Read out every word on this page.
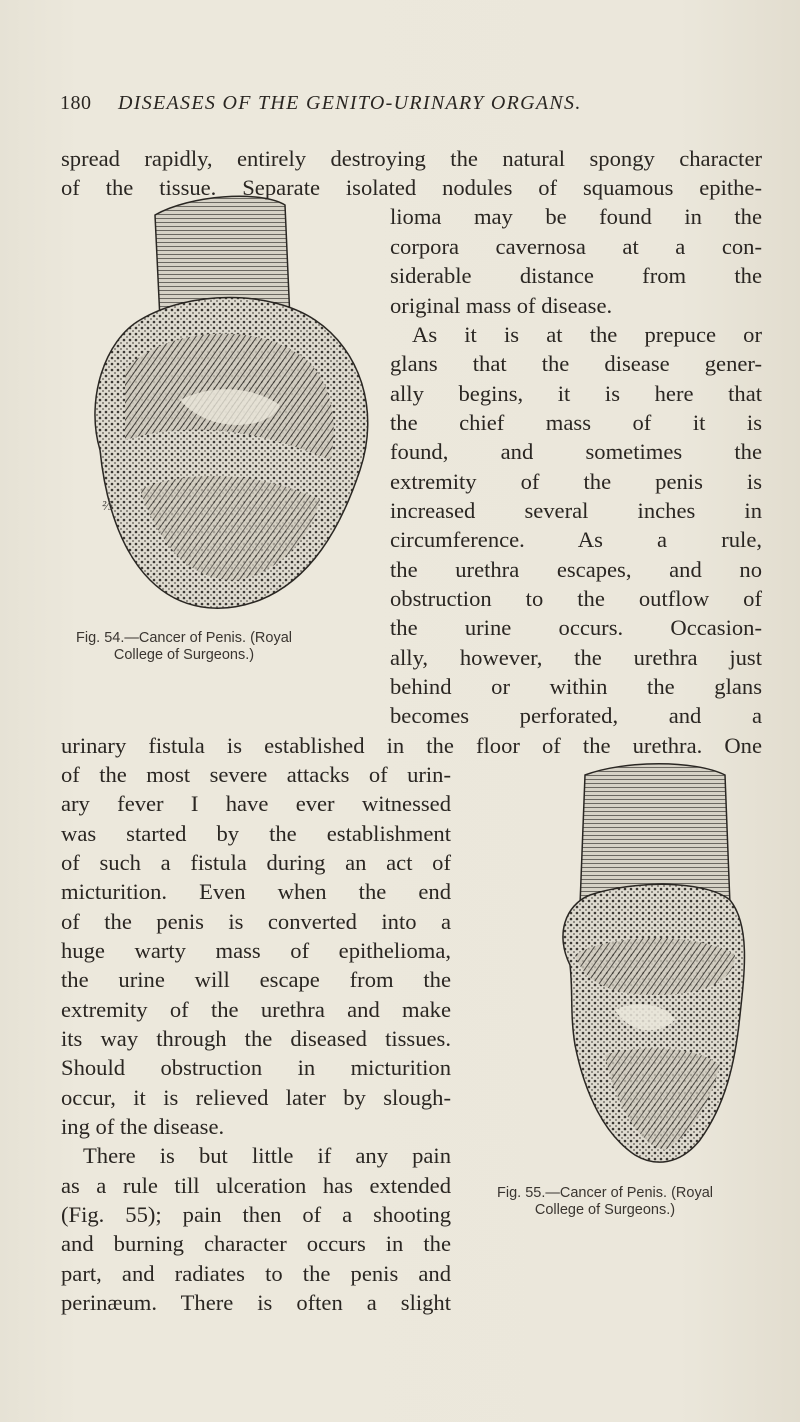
180 DISEASES OF THE GENITO-URINARY ORGANS.
⅔
Fig. 54.—Cancer of Penis. (Royal
College of Surgeons.)
Fig. 55.—Cancer of Penis. (Royal
College of Surgeons.)
spread rapidly, entirely destroying the natural spongy character
of the tissue. Separate isolated nodules of squamous epithe-
lioma may be found in the
corpora cavernosa at a con-
siderable distance from the
original mass of disease.
As it is at the prepuce or
glans that the disease gener-
ally begins, it is here that
the chief mass of it is
found, and sometimes the
extremity of the penis is
increased several inches in
circumference. As a rule,
the urethra escapes, and no
obstruction to the outflow of
the urine occurs. Occasion-
ally, however, the urethra just
behind or within the glans
becomes perforated, and a
urinary fistula is established in the floor of the urethra. One
of the most severe attacks of urin-
ary fever I have ever witnessed
was started by the establishment
of such a fistula during an act of
micturition. Even when the end
of the penis is converted into a
huge warty mass of epithelioma,
the urine will escape from the
extremity of the urethra and make
its way through the diseased tissues.
Should obstruction in micturition
occur, it is relieved later by slough-
ing of the disease.
There is but little if any pain
as a rule till ulceration has extended
(Fig. 55); pain then of a shooting
and burning character occurs in the
part, and radiates to the penis and
perinæum. There is often a slight
